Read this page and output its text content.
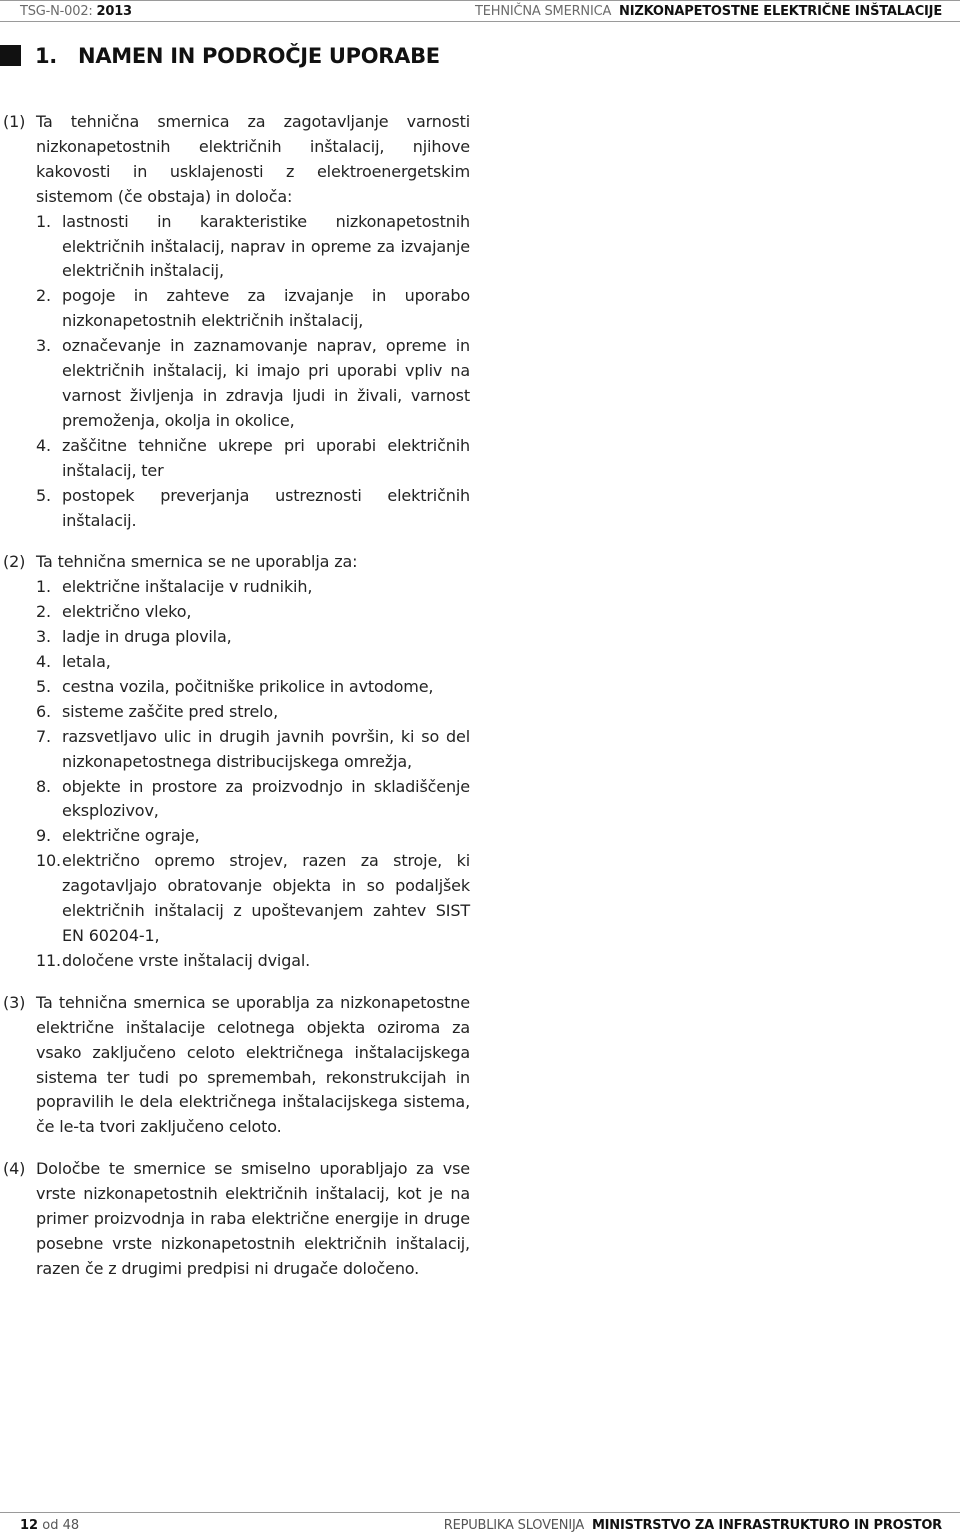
TSG-N-002: 2013	TEHNIČNA SMERNICA NIZKONAPETOSTNE ELEKTRIČNE INŠTALACIJE
1. NAMEN IN PODROČJE UPORABE
(1) Ta tehnična smernica za zagotavljanje varnosti nizkonapetostnih električnih inštalacij, njihove kakovosti in usklajenosti z elektroenergetskim sistemom (če obstaja) in določa:
1. lastnosti in karakteristike nizkonapetostnih električnih inštalacij, naprav in opreme za izvajanje električnih inštalacij,
2. pogoje in zahteve za izvajanje in uporabo nizkonapetostnih električnih inštalacij,
3. označevanje in zaznamovanje naprav, opreme in električnih inštalacij, ki imajo pri uporabi vpliv na varnost življenja in zdravja ljudi in živali, varnost premoženja, okolja in okolice,
4. zaščitne tehnične ukrepe pri uporabi električnih inštalacij, ter
5. postopek preverjanja ustreznosti električnih inštalacij.
(2) Ta tehnična smernica se ne uporablja za:
1. električne inštalacije v rudnikih,
2. električno vleko,
3. ladje in druga plovila,
4. letala,
5. cestna vozila, počitniške prikolice in avtodome,
6. sisteme zaščite pred strelo,
7. razsvetljavo ulic in drugih javnih površin, ki so del nizkonapetostnega distribucijskega omrežja,
8. objekte in prostore za proizvodnjo in skladiščenje eksplozivov,
9. električne ograje,
10. električno opremo strojev, razen za stroje, ki zagotavljajo obratovanje objekta in so podaljšek električnih inštalacij z upoštevanjem zahtev SIST EN 60204-1,
11. določene vrste inštalacij dvigal.
(3) Ta tehnična smernica se uporablja za nizkonapetostne električne inštalacije celotnega objekta oziroma za vsako zaključeno celoto električnega inštalacijskega sistema ter tudi po spremembah, rekonstrukcijah in popravilih le dela električnega inštalacijskega sistema, če le-ta tvori zaključeno celoto.
(4) Določbe te smernice se smiselno uporabljajo za vse vrste nizkonapetostnih električnih inštalacij, kot je na primer proizvodnja in raba električne energije in druge posebne vrste nizkonapetostnih električnih inštalacij, razen če z drugimi predpisi ni drugače določeno.
12 od 48	REPUBLIKA SLOVENIJA MINISTRSTVO ZA INFRASTRUKTURO IN PROSTOR
